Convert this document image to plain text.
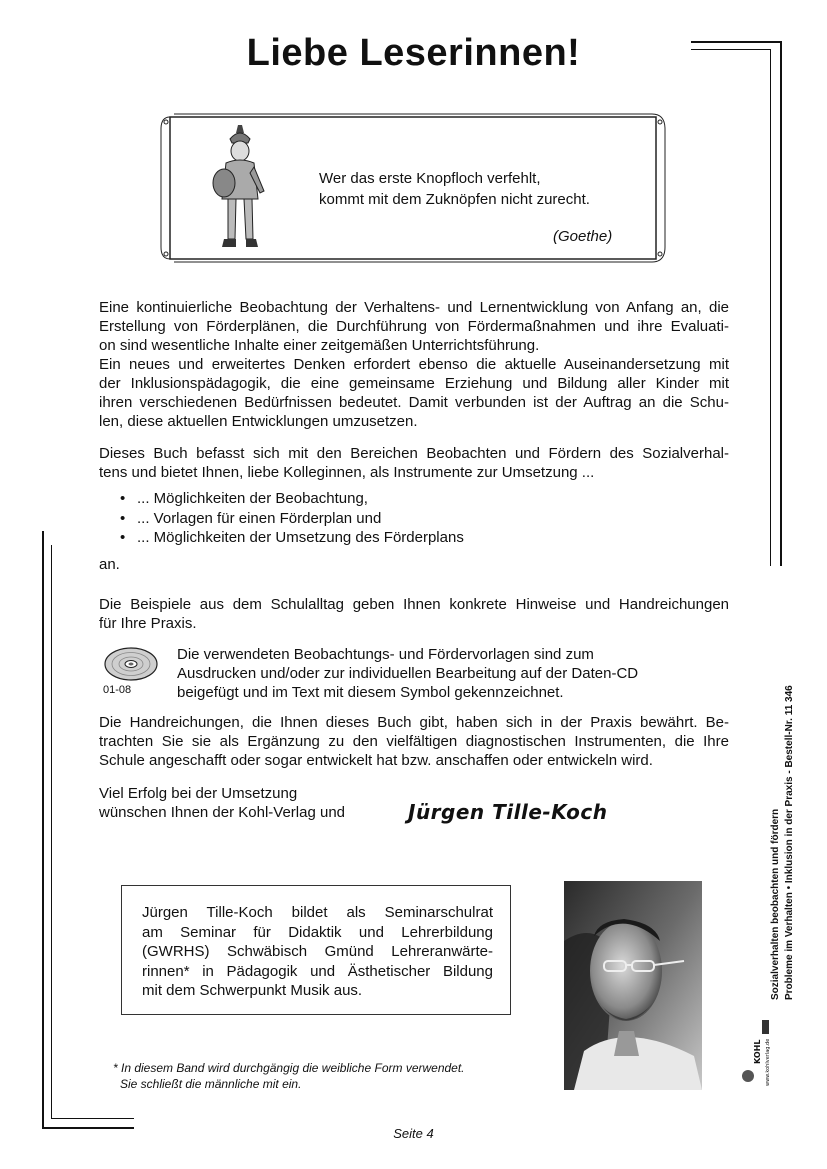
Liebe Leserinnen!
Wer das erste Knopfloch verfehlt,
kommt mit dem Zuknöpfen nicht zurecht.
(Goethe)
Eine kontinuierliche Beobachtung der Verhaltens- und Lernentwicklung von Anfang an, die
Erstellung von Förderplänen, die Durchführung von Fördermaßnahmen und ihre Evaluati-
on sind wesentliche Inhalte einer zeitgemäßen Unterrichtsführung.
Ein neues und erweitertes Denken erfordert ebenso die aktuelle Auseinandersetzung mit
der Inklusionspädagogik, die eine gemeinsame Erziehung und Bildung aller Kinder mit
ihren verschiedenen Bedürfnissen bedeutet. Damit verbunden ist der Auftrag an die Schu-
len, diese aktuellen Entwicklungen umzusetzen.
Dieses Buch befasst sich mit den Bereichen Beobachten und Fördern des Sozialverhal-
tens und bietet Ihnen, liebe Kolleginnen, als Instrumente zur Umsetzung ...
• ... Möglichkeiten der Beobachtung,
• ... Vorlagen für einen Förderplan und
• ... Möglichkeiten der Umsetzung des Förderplans
an.
Die Beispiele aus dem Schulalltag geben Ihnen konkrete Hinweise und Handreichungen
für Ihre Praxis.
01-08
Die verwendeten Beobachtungs- und Fördervorlagen sind zum
Ausdrucken und/oder zur individuellen Bearbeitung auf der Daten-CD
beigefügt und im Text mit diesem Symbol gekennzeichnet.
Die Handreichungen, die Ihnen dieses Buch gibt, haben sich in der Praxis bewährt. Be-
trachten Sie sie als Ergänzung zu den vielfältigen diagnostischen Instrumenten, die Ihre
Schule angeschafft oder sogar entwickelt hat bzw. anschaffen oder entwickeln wird.
Viel Erfolg bei der Umsetzung
wünschen Ihnen der Kohl-Verlag und	Jürgen Tille-Koch
Jürgen Tille-Koch bildet als Seminarschulrat
am Seminar für Didaktik und Lehrerbildung
(GWRHS) Schwäbisch Gmünd Lehreranwärte-
rinnen* in Pädagogik und Ästhetischer Bildung
mit dem Schwerpunkt Musik aus.
* In diesem Band wird durchgängig die weibliche Form verwendet.
Sie schließt die männliche mit ein.
Seite 4
Sozialverhalten beobachten und fördern Probleme im Verhalten • Inklusion in der Praxis - Bestell-Nr. 11 346
KOHL www.kohlverlag.de
